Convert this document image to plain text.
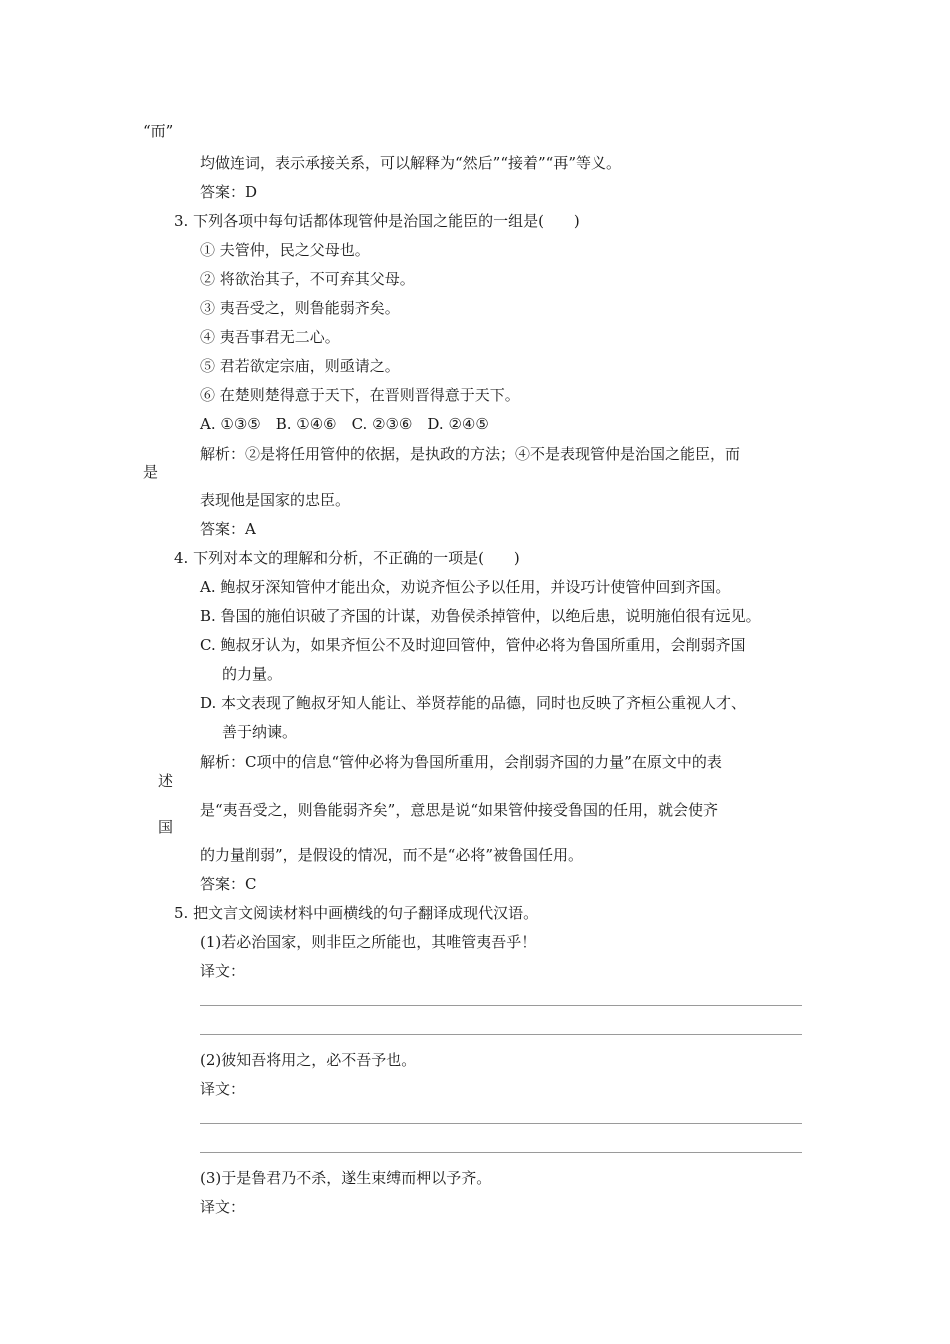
“而”
均做连词，表示承接关系，可以解释为“然后”“接着”“再”等义。
答案：D
3. 下列各项中每句话都体现管仲是治国之能臣的一组是(　　)
① 夫管仲，民之父母也。
② 将欲治其子，不可弃其父母。
③ 夷吾受之，则鲁能弱齐矣。
④ 夷吾事君无二心。
⑤ 君若欲定宗庙，则亟请之。
⑥ 在楚则楚得意于天下，在晋则晋得意于天下。
A. ①③⑤　B. ①④⑥　C. ②③⑥　D. ②④⑤
解析：②是将任用管仲的依据，是执政的方法；④不是表现管仲是治国之能臣，而
是
表现他是国家的忠臣。
答案：A
4. 下列对本文的理解和分析，不正确的一项是(　　)
A. 鲍叔牙深知管仲才能出众，劝说齐恒公予以任用，并设巧计使管仲回到齐国。
B. 鲁国的施伯识破了齐国的计谋，劝鲁侯杀掉管仲，以绝后患，说明施伯很有远见。
C. 鲍叔牙认为，如果齐恒公不及时迎回管仲，管仲必将为鲁国所重用，会削弱齐国
的力量。
D. 本文表现了鲍叔牙知人能让、举贤荐能的品德，同时也反映了齐桓公重视人才、
善于纳谏。
解析：C项中的信息“管仲必将为鲁国所重用，会削弱齐国的力量”在原文中的表
述
是“夷吾受之，则鲁能弱齐矣”，意思是说“如果管仲接受鲁国的任用，就会使齐
国
的力量削弱”，是假设的情况，而不是“必将”被鲁国任用。
答案：C
5. 把文言文阅读材料中画横线的句子翻译成现代汉语。
(1)若必治国家，则非臣之所能也，其唯管夷吾乎！
译文：
(2)彼知吾将用之，必不吾予也。
译文：
(3)于是鲁君乃不杀，遂生束缚而柙以予齐。
译文：
